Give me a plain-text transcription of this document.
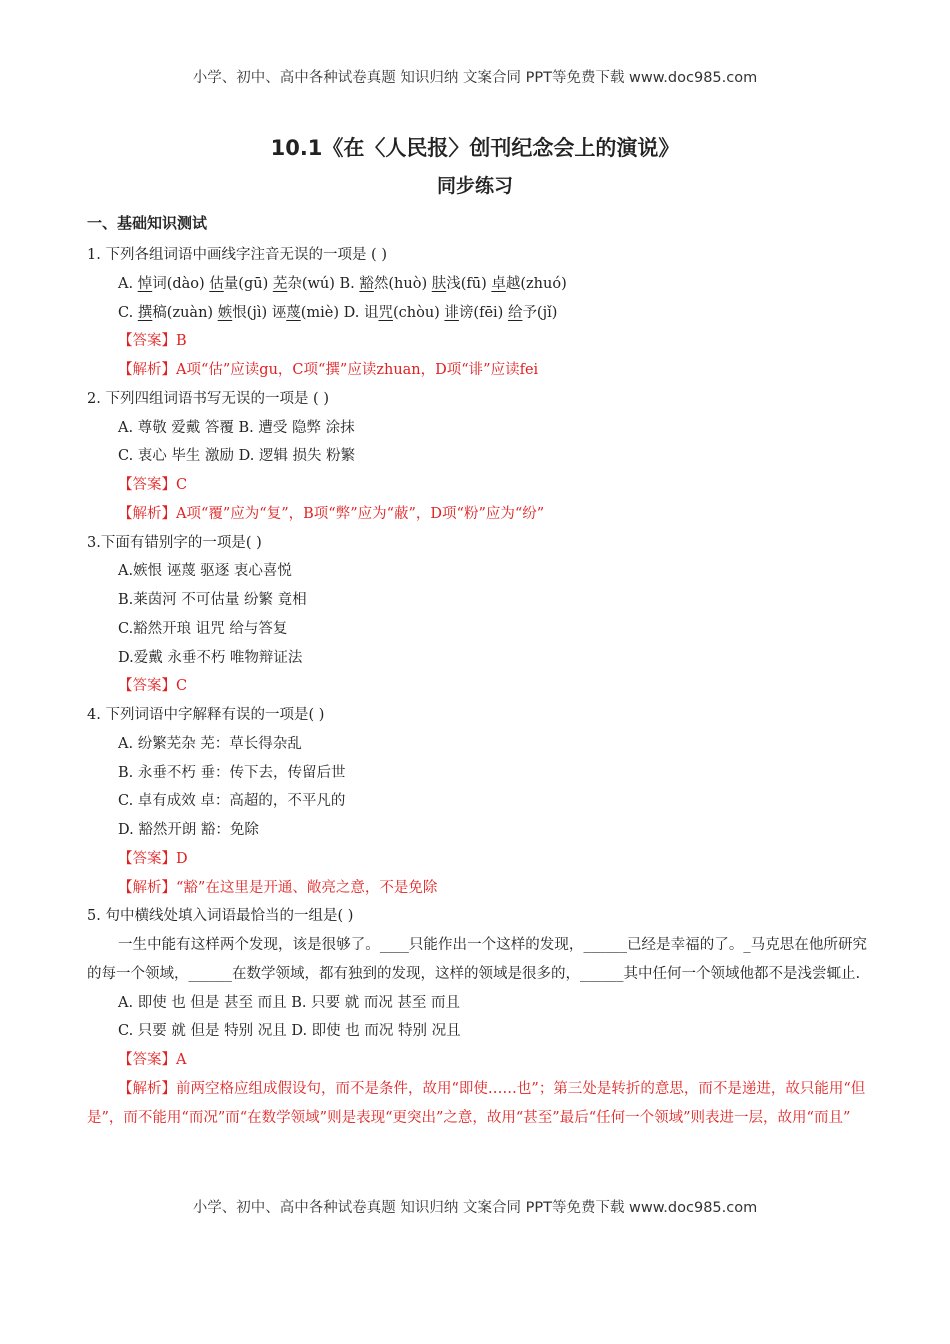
小学、初中、高中各种试卷真题 知识归纳 文案合同 PPT等免费下载 www.doc985.com
10.1《在〈人民报〉创刊纪念会上的演说》
同步练习
一、基础知识测试
1. 下列各组词语中画线字注音无误的一项是 ( )
A. 悼词(dào) 估量(gū) 芜杂(wú) B. 豁然(huò) 肤浅(fū) 卓越(zhuó)
C. 撰稿(zuàn) 嫉恨(jì) 诬蔑(miè) D. 诅咒(chòu) 诽谤(fēi) 给予(jǐ)
【答案】B
【解析】A项“估”应读gu，C项“撰”应读zhuan，D项“诽”应读fei
2. 下列四组词语书写无误的一项是 ( )
A. 尊敬 爱戴 答覆 B. 遭受 隐弊 涂抹
C. 衷心 毕生 激励 D. 逻辑 损失 粉繁
【答案】C
【解析】A项“覆”应为“复”，B项“弊”应为“蔽”，D项“粉”应为“纷”
3.下面有错别字的一项是( )
A.嫉恨 诬蔑 驱逐 衷心喜悦
B.莱茵河 不可估量 纷繁 竟相
C.豁然开琅 诅咒 给与答复
D.爱戴 永垂不朽 唯物辩证法
【答案】C
4. 下列词语中字解释有误的一项是( )
A. 纷繁芜杂 芜：草长得杂乱
B. 永垂不朽 垂：传下去，传留后世
C. 卓有成效 卓：高超的，不平凡的
D. 豁然开朗 豁：免除
【答案】D
【解析】“豁”在这里是开通、敞亮之意，不是免除
5. 句中横线处填入词语最恰当的一组是( )
一生中能有这样两个发现，该是很够了。____只能作出一个这样的发现，______已经是幸福的了。_马克思在他所研究的每一个领域，______在数学领域，都有独到的发现，这样的领域是很多的，______其中任何一个领域他都不是浅尝辄止.
A. 即使 也 但是 甚至 而且 B. 只要 就 而况 甚至 而且
C. 只要 就 但是 特别 况且 D. 即使 也 而况 特别 况且
【答案】A
【解析】前两空格应组成假设句，而不是条件，故用“即使……也”；第三处是转折的意思，而不是递进，故只能用“但是”，而不能用“而况”而“在数学领域”则是表现“更突出”之意，故用“甚至”最后“任何一个领域”则表进一层，故用“而且”
小学、初中、高中各种试卷真题 知识归纳 文案合同 PPT等免费下载 www.doc985.com
